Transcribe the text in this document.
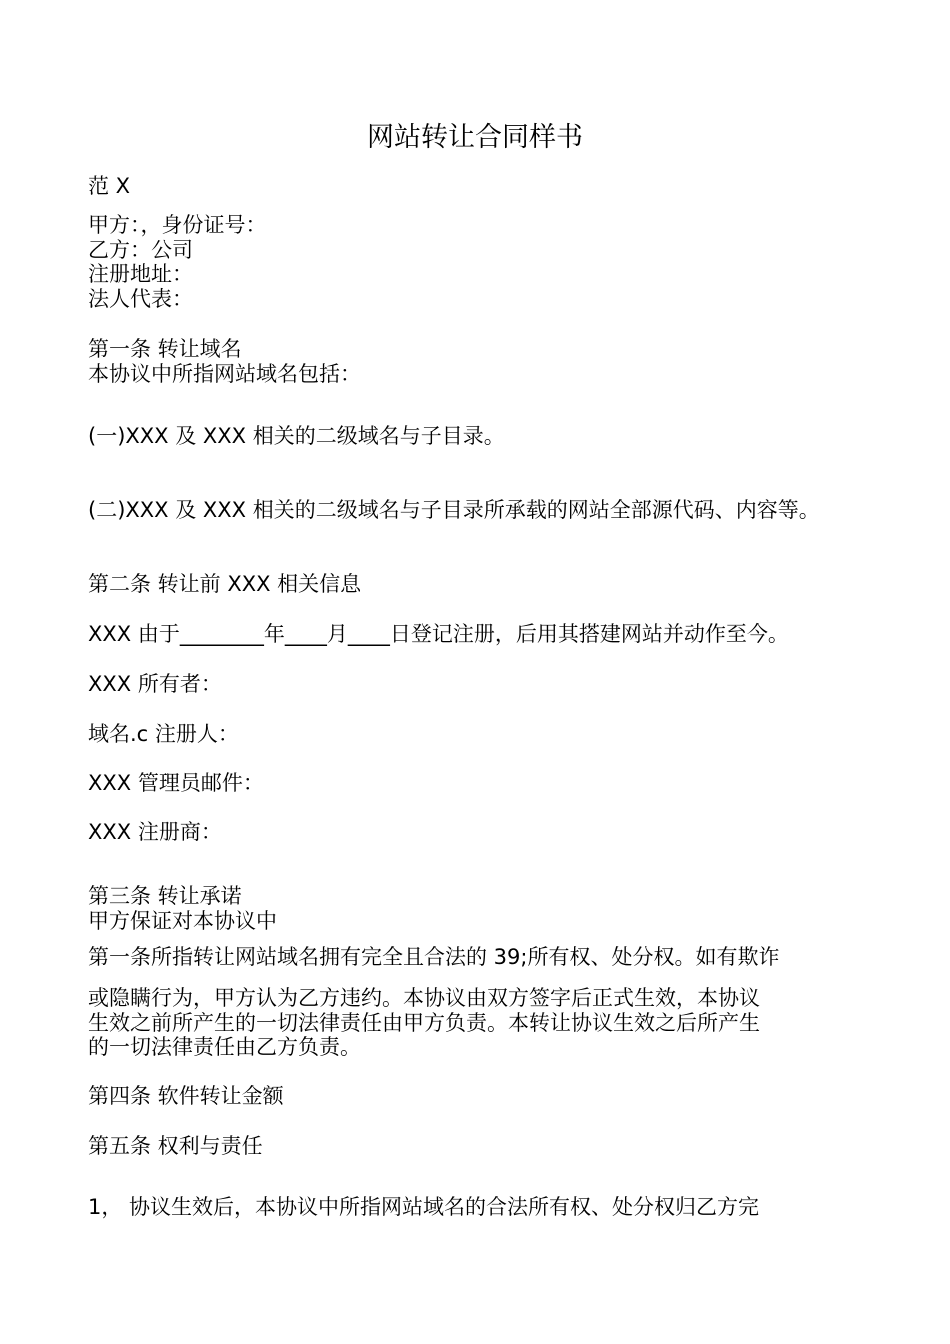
网站转让合同样书
范 X
甲方：，身份证号：
乙方：公司
注册地址：
法人代表：
第一条 转让域名
本协议中所指网站域名包括：
(一)XXX 及 XXX 相关的二级域名与子目录。
(二)XXX 及 XXX 相关的二级域名与子目录所承载的网站全部源代码、内容等。
第二条 转让前 XXX 相关信息
XXX 由于________年____月____日登记注册，后用其搭建网站并动作至今。
XXX 所有者：
域名.c 注册人：
XXX 管理员邮件：
XXX 注册商：
第三条 转让承诺
甲方保证对本协议中
第一条所指转让网站域名拥有完全且合法的 39;所有权、处分权。如有欺诈
或隐瞒行为，甲方认为乙方违约。本协议由双方签字后正式生效，本协议
生效之前所产生的一切法律责任由甲方负责。本转让协议生效之后所产生
的一切法律责任由乙方负责。
第四条 软件转让金额
第五条 权利与责任
1， 协议生效后，本协议中所指网站域名的合法所有权、处分权归乙方完
